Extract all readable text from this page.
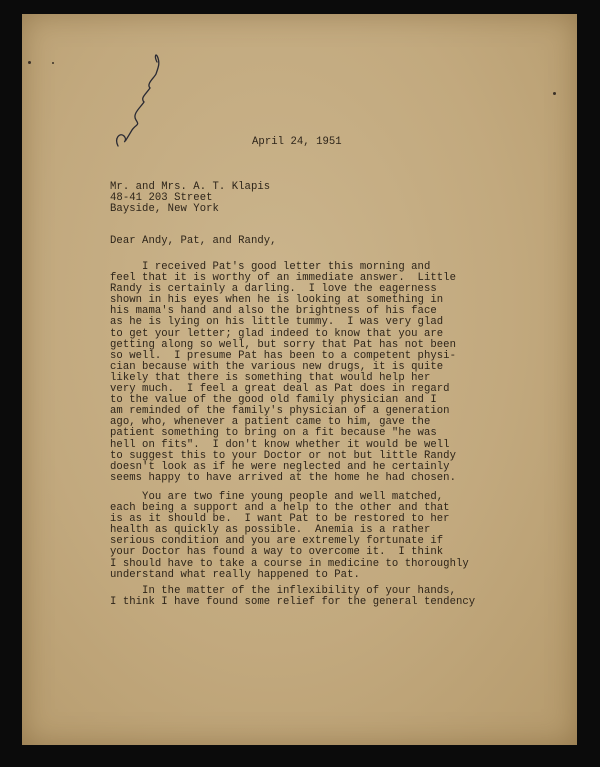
April 24, 1951
Mr. and Mrs. A. T. Klapis
48-41 203 Street
Bayside, New York
Dear Andy, Pat, and Randy,
I received Pat's good letter this morning and
feel that it is worthy of an immediate answer.  Little
Randy is certainly a darling.  I love the eagerness
shown in his eyes when he is looking at something in
his mama's hand and also the brightness of his face
as he is lying on his little tummy.  I was very glad
to get your letter; glad indeed to know that you are
getting along so well, but sorry that Pat has not been
so well.  I presume Pat has been to a competent physi-
cian because with the various new drugs, it is quite
likely that there is something that would help her
very much.  I feel a great deal as Pat does in regard
to the value of the good old family physician and I
am reminded of the family's physician of a generation
ago, who, whenever a patient came to him, gave the
patient something to bring on a fit because "he was
hell on fits".  I don't know whether it would be well
to suggest this to your Doctor or not but little Randy
doesn't look as if he were neglected and he certainly
seems happy to have arrived at the home he had chosen.
You are two fine young people and well matched,
each being a support and a help to the other and that
is as it should be.  I want Pat to be restored to her
health as quickly as possible.  Anemia is a rather
serious condition and you are extremely fortunate if
your Doctor has found a way to overcome it.  I think
I should have to take a course in medicine to thoroughly
understand what really happened to Pat.
In the matter of the inflexibility of your hands,
I think I have found some relief for the general tendency
